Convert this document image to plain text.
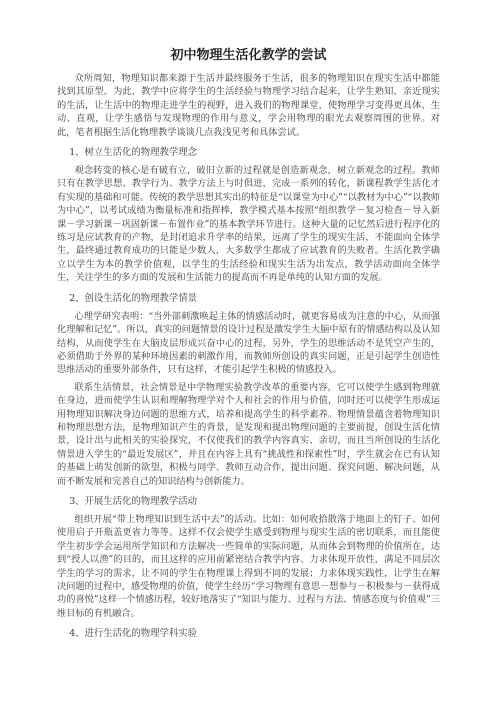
初中物理生活化教学的尝试

众所周知，物理知识都来源于生活并最终服务于生活，很多的物理知识在现实生活中都能找到其原型。为此，教学中应将学生的生活经验与物理学习结合起来，让学生熟知、亲近现实的生活，让生活中的物理走进学生的视野，进入我们的物理课堂，使物理学习变得更具体、生动、直观，让学生感悟与发现物理的作用与意义，学会用物理的眼光去观察周围的世界。对此，笔者根据生活化物理教学谈谈几点我浅见考和具体尝试。

1、树立生活化的物理教学理念

观念转变的核心是有破有立，破旧立新的过程就是创造新观念，树立新观念的过程。教师只有在教学思想、教学行为、教学方法上与时俱进，完成一系列的转化，新课程教学生活化才有实现的基础和可能。传统的教学思想其实出的特征是“以课堂为中心”“以教材为中心”“以教师为中心”，以考试成绩为衡量标准和指挥棒，教学模式基本按照“组织教学－复习检查－导入新课－学习新课－巩固新课－布置作业”的基本教学环节进行。这种大量的记忆然后进行程序化的练习是应试教育的产物，是封闭追求升学率的结果，远离了学生的现实生活，不能面向全体学生，最终通过教育成功的只能是少数人，大多数学生都成了应试教育的失败者。生活化教学确立以学生为本的教学价值观，以学生的生活经验和现实生活为出发点，教学活动面向全体学生，关注学生的多方面的发展和生活能力的提高而不再是单纯的认知方面的发展。

2、创设生活化的物理教学情景

心理学研究表明：“当外部刺激唤起主体的情感活动时，就更容易成为注意的中心，从而强化理解和记忆”。所以，真实的问题情景的设计过程是激发学生大脑中原有的情感结构以及认知结构，从而使学生在大脑皮层形成兴奋中心的过程，另外，学生的思维活动不是凭空产生的，必须借助于外界的某种环境因素的刺激作用，而教师所创设的真实问题，正是引起学生创造性思维活动的重要外部条件，只有这样，才能引起学生积极的情感投入。

联系生活情景，社会情景是中学物理实验教学改革的重要内容，它可以使学生感到物理就在身边，进而使学生认识和理解物理学对个人和社会的作用与价值，同时还可以使学生形成运用物理知识解决身边问题的思维方式，培养和提高学生的科学素养。物理情景蕴含着物理知识和物理思想方法，是物理知识产生的背景，是发现和提出物理问题的主要前提，创设生活化情景，设计出与此相关的实验探究，不仅使我们的教学内容真实、亲切，而且当所创设的生活化情景进入学生的“最近发展区”，并且在内容上具有“挑战性和探索性”时，学生就会在已有认知的基础上萌发创新的欲望，积极与同学、教师互动合作，提出问题、探究问题、解决问题，从而不断发展和完善自己的知识结构与创新能力。

3、开展生活化的物理教学活动

组织开展“带上物理知识到生活中去”的活动。比如：如何收拾散落于地面上的钉子、如何使用启子开瓶盖更省力等等。这样不仅会使学生感受到物理与现实生活的密切联系，而且能使学生初步学会运用所学知识和方法解决一些简单的实际问题，从而体会到物理的价值所在，达到“授人以渔”的目的，而且这样的应用前紧密结合教学内容、力求体现开放性，满足不同层次学生的学习的需求，让不同的学生在物理课上得到不同的发展；力求体现实践性，让学生在解决问题的过程中，感受物理的价值，使学生经历“学习物理有意思－想参与－积极参与－获得成功的喜悦”这样一个情感历程，较好地落实了“知识与能力、过程与方法、情感态度与价值观”三维目标的有机融合。

4、进行生活化的物理学科实验
